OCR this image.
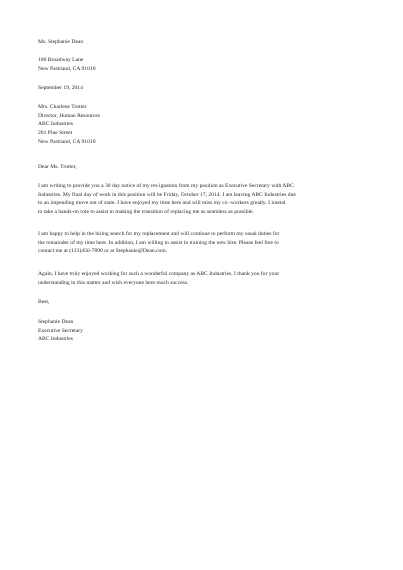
Ms. Stephanie Dean
100 Broadway Lane
New Parkland, CA 91010
September 19, 2014
Mrs. Charlene Trotter
Director, Human Resources
ABC Industries
201 Pine Street
New Parkland, CA 91010
Dear Ms. Trotter,
I am writing to provide you a 30 day notice of my res ignation from my position as Executive Secretary with ABC
Industries. My final day of work in this position will be Friday, October 17, 2014. I am leaving ABC Industries due
to an impending move out of state. I have enjoyed my time here and will miss my co -workers greatly. I intend
to take a hands-on role to assist in making the transition of replacing me as seamless as possible.
I am happy to help in the hiring search for my replacement and will continue to perform my usual duties for
the remainder of my time here. In addition, I am willing to assist in training the new hire. Please feel free to
contact me at (123)456-7890 or at Stephanie@Dean.com.
Again, I have truly enjoyed working for such a wonderful company as ABC Industries. I thank you for your
understanding in this matter and wish everyone here much success.
Best,
Stephanie Dean
Executive Secretary
ABC Industries
